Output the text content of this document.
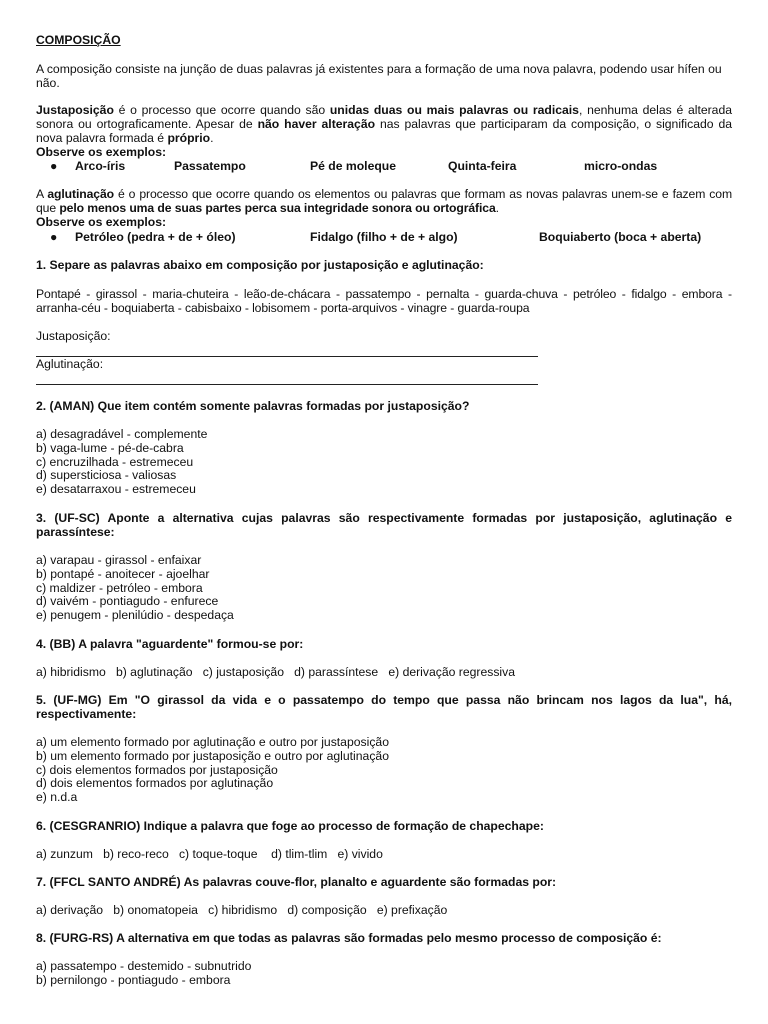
COMPOSIÇÃO
A composição consiste na junção de duas palavras já existentes para a formação de uma nova palavra, podendo usar hífen ou não.
Justaposição é o processo que ocorre quando são unidas duas ou mais palavras ou radicais, nenhuma delas é alterada sonora ou ortograficamente. Apesar de não haver alteração nas palavras que participaram da composição, o significado da nova palavra formada é próprio.
Observe os exemplos:
● Arco-íris	Passatempo	Pé de moleque	Quinta-feira	micro-ondas
A aglutinação é o processo que ocorre quando os elementos ou palavras que formam as novas palavras unem-se e fazem com que pelo menos uma de suas partes perca sua integridade sonora ou ortográfica.
Observe os exemplos:
● Petróleo (pedra + de + óleo)	Fidalgo (filho + de + algo)	Boquiaberto (boca + aberta)
1. Separe as palavras abaixo em composição por justaposição e aglutinação:
Pontapé - girassol - maria-chuteira - leão-de-chácara - passatempo - pernalta - guarda-chuva - petróleo - fidalgo - embora - arranha-céu - boquiaberta - cabisbaixo - lobisomem - porta-arquivos - vinagre - guarda-roupa
Justaposição:
Aglutinação:
2. (AMAN) Que item contém somente palavras formadas por justaposição?
a) desagradável - complemente
b) vaga-lume - pé-de-cabra
c) encruzilhada - estremeceu
d) supersticiosa - valiosas
e) desatarraxou - estremeceu
3. (UF-SC) Aponte a alternativa cujas palavras são respectivamente formadas por justaposição, aglutinação e parassíntese:
a) varapau - girassol - enfaixar
b) pontapé - anoitecer - ajoelhar
c) maldizer - petróleo - embora
d) vaivém - pontiagudo - enfurece
e) penugem - plenilúdio - despedaça
4. (BB) A palavra "aguardente" formou-se por:
a) hibridismo b) aglutinação c) justaposição d) parassíntese e) derivação regressiva
5. (UF-MG) Em "O girassol da vida e o passatempo do tempo que passa não brincam nos lagos da lua", há, respectivamente:
a) um elemento formado por aglutinação e outro por justaposição
b) um elemento formado por justaposição e outro por aglutinação
c) dois elementos formados por justaposição
d) dois elementos formados por aglutinação
e) n.d.a
6. (CESGRANRIO) Indique a palavra que foge ao processo de formação de chapechape:
a) zunzum b) reco-reco c) toque-toque d) tlim-tlim e) vivido
7. (FFCL SANTO ANDRÉ) As palavras couve-flor, planalto e aguardente são formadas por:
a) derivação b) onomatopeia c) hibridismo d) composição e) prefixação
8. (FURG-RS) A alternativa em que todas as palavras são formadas pelo mesmo processo de composição é:
a) passatempo - destemido - subnutrido
b) pernilongo - pontiagudo - embora
